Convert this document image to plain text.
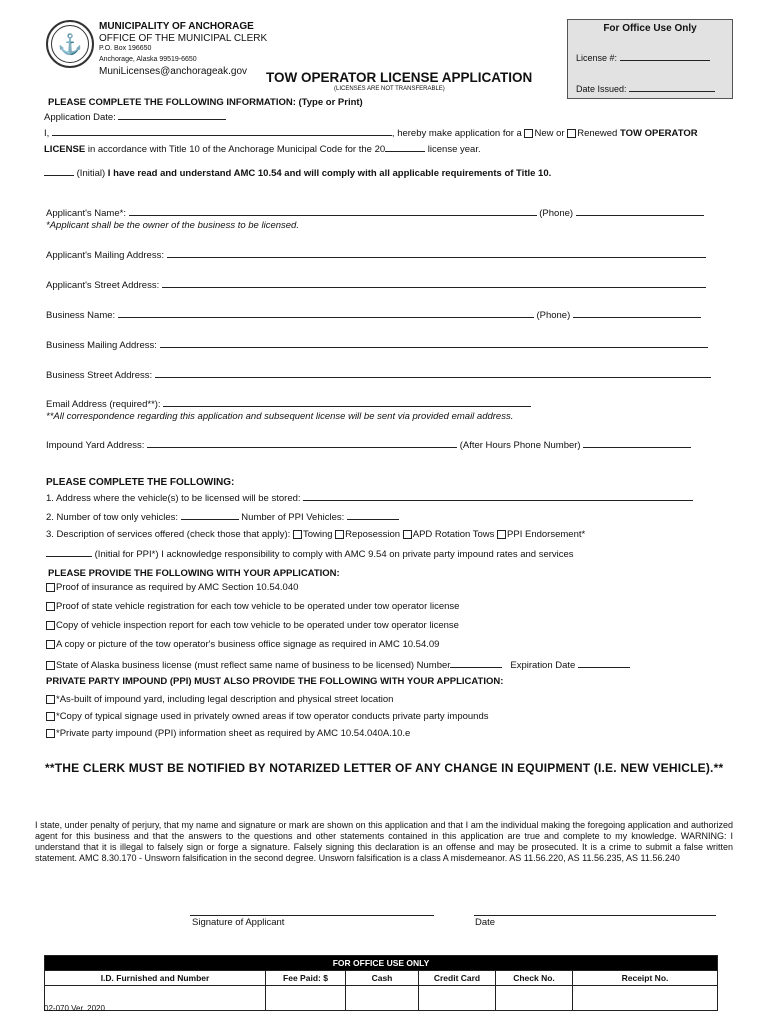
⚓
MUNICIPALITY OF ANCHORAGE
OFFICE OF THE MUNICIPAL CLERK
P.O. Box 196650
Anchorage, Alaska 99519-6650
MuniLicenses@anchorageak.gov
For Office Use Only
License #:
Date Issued:
TOW OPERATOR LICENSE APPLICATION
(LICENSES ARE NOT TRANSFERABLE)
PLEASE COMPLETE THE FOLLOWING INFORMATION: (Type or Print)
Application Date:
I,	, hereby make application for a New or Renewed TOW OPERATOR
LICENSE in accordance with Title 10 of the Anchorage Municipal Code for the 20	license year.
(Initial) I have read and understand AMC 10.54 and will comply with all applicable requirements of Title 10.
Applicant's Name*:	(Phone)
*Applicant shall be the owner of the business to be licensed.
Applicant's Mailing Address:
Applicant's Street Address:
Business Name:	(Phone)
Business Mailing Address:
Business Street Address:
Email Address (required**):
**All correspondence regarding this application and subsequent license will be sent via provided email address.
Impound Yard Address:	(After Hours Phone Number)
PLEASE COMPLETE THE FOLLOWING:
1. Address where the vehicle(s) to be licensed will be stored:
2. Number of tow only vehicles:	Number of PPI Vehicles:
3. Description of services offered (check those that apply): Towing Reposession APD Rotation Tows PPI Endorsement*
(Initial for PPI*) I acknowledge responsibility to comply with AMC 9.54 on private party impound rates and services
PLEASE PROVIDE THE FOLLOWING WITH YOUR APPLICATION:
Proof of insurance as required by AMC Section 10.54.040
Proof of state vehicle registration for each tow vehicle to be operated under tow operator license
Copy of vehicle inspection report for each tow vehicle to be operated under tow operator license
A copy or picture of the tow operator's business office signage as required in AMC 10.54.09
State of Alaska business license (must reflect same name of business to be licensed) Number	Expiration Date
PRIVATE PARTY IMPOUND (PPI) MUST ALSO PROVIDE THE FOLLOWING WITH YOUR APPLICATION:
*As-built of impound yard, including legal description and physical street location
*Copy of typical signage used in privately owned areas if tow operator conducts private party impounds
*Private party impound (PPI) information sheet as required by AMC 10.54.040A.10.e
**THE CLERK MUST BE NOTIFIED BY NOTARIZED LETTER OF ANY CHANGE IN EQUIPMENT (I.E. NEW VEHICLE).**
I state, under penalty of perjury, that my name and signature or mark are shown on this application and that I am the individual making the foregoing application and authorized agent for this business and that the answers to the questions and other statements contained in this application are true and complete to my knowledge. WARNING: I understand that it is illegal to falsely sign or forge a signature. Falsely signing this declaration is an offense and may be prosecuted. It is a crime to submit a false written statement. AMC 8.30.170 - Unsworn falsification in the second degree. Unsworn falsification is a class A misdemeanor. AS 11.56.220, AS 11.56.235, AS 11.56.240
Signature of Applicant	Date
FOR OFFICE USE ONLY					
I.D. Furnished and Number	Fee Paid: $	Cash	Credit Card	Check No.	Receipt No.

02-070 Ver. 2020
